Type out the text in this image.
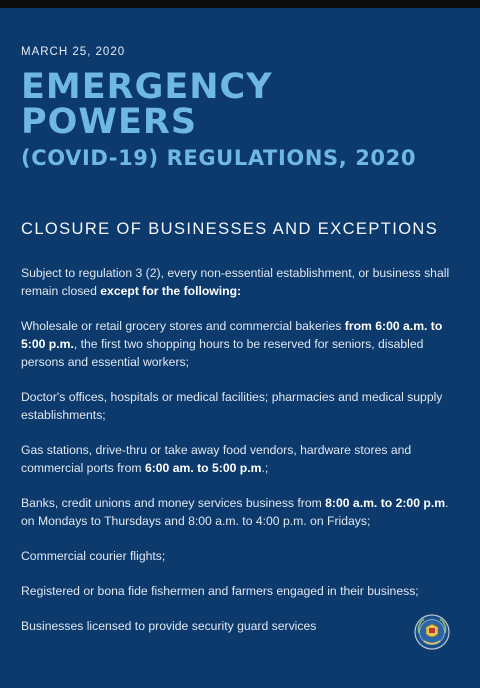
MARCH 25, 2020
EMERGENCY POWERS
(COVID-19) REGULATIONS, 2020
CLOSURE OF BUSINESSES AND EXCEPTIONS

Subject to regulation 3 (2), every non-essential establishment, or business shall remain closed except for the following:

Wholesale or retail grocery stores and commercial bakeries from 6:00 a.m. to 5:00 p.m., the first two shopping hours to be reserved for seniors, disabled persons and essential workers;

Doctor's offices, hospitals or medical facilities; pharmacies and medical supply establishments;

Gas stations, drive-thru or take away food vendors, hardware stores and commercial ports from 6:00 am. to 5:00 p.m.;

Banks, credit unions and money services business from 8:00 a.m. to 2:00 p.m. on Mondays to Thursdays and 8:00 a.m. to 4:00 p.m. on Fridays;

Commercial courier flights;

Registered or bona fide fishermen and farmers engaged in their business;

Businesses licensed to provide security guard services
